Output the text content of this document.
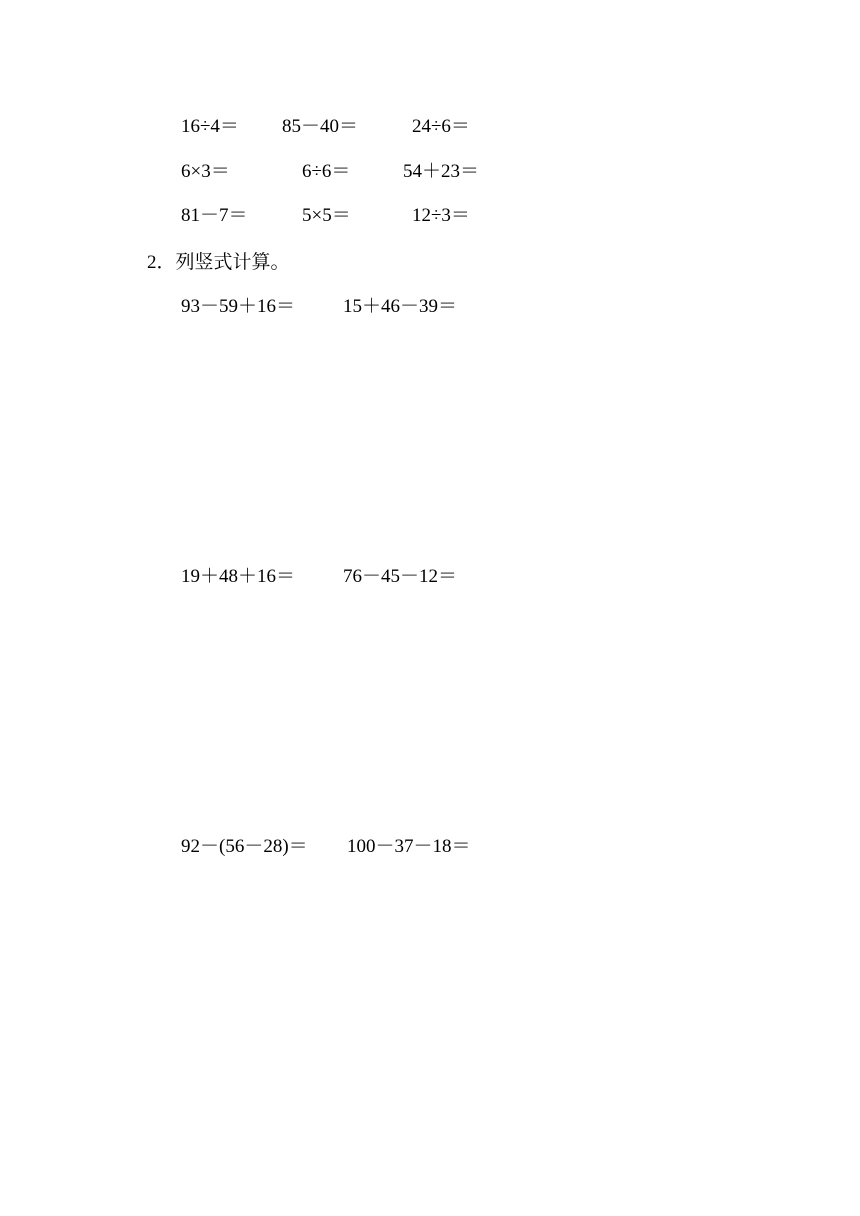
16÷4＝ 85－40＝	24÷6＝
6×3＝	6÷6＝	54＋23＝
81－7＝	5×5＝	12÷3＝
2．列竖式计算。
93－59＋16＝	15＋46－39＝
19＋48＋16＝	76－45－12＝
92－(56－28)＝ 100－37－18＝
